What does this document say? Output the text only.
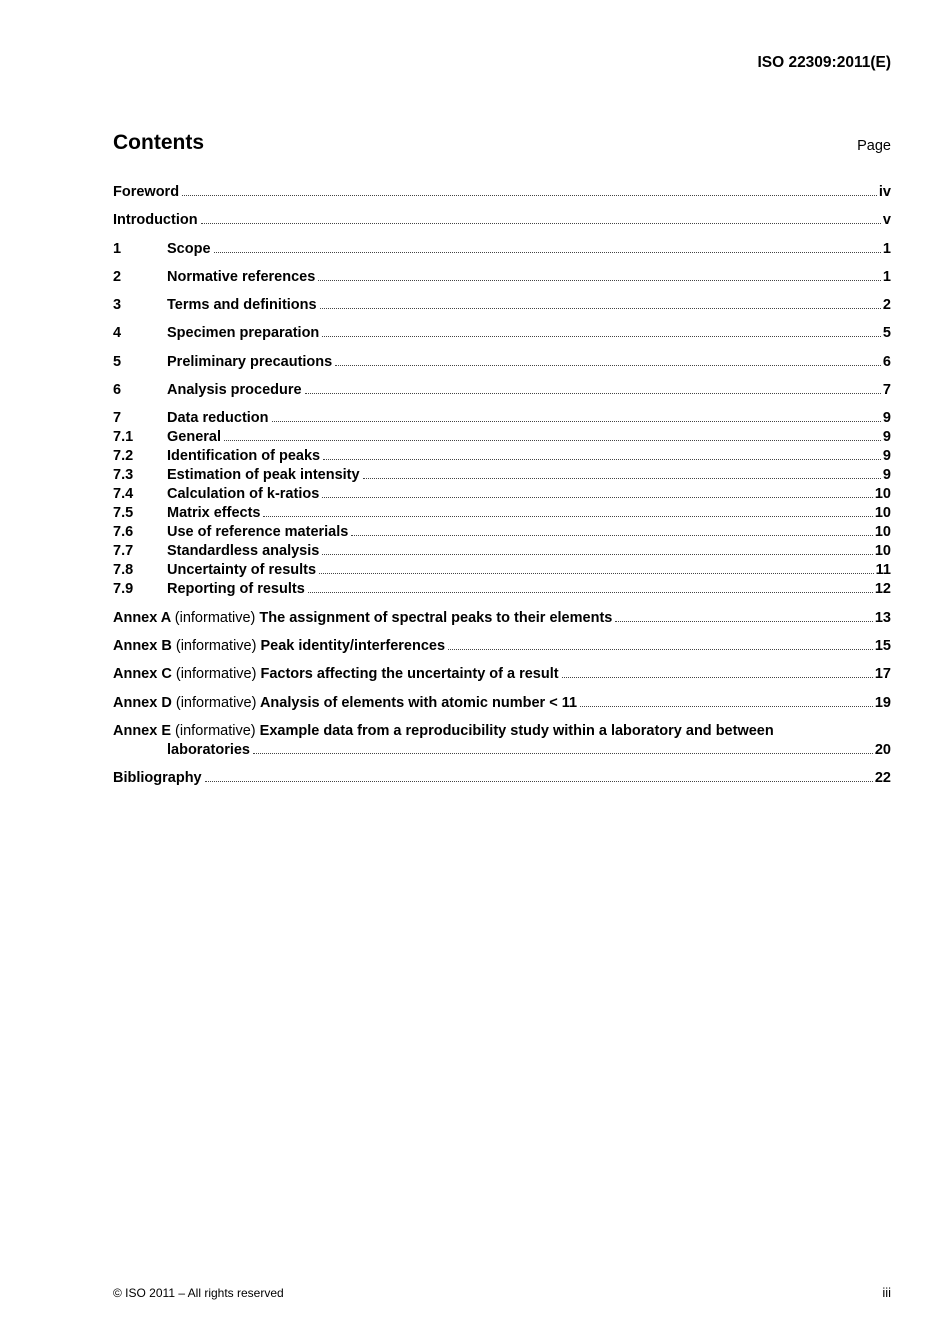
ISO 22309:2011(E)
Contents	Page
Foreword	iv
Introduction	v
1	Scope	1
2	Normative references	1
3	Terms and definitions	2
4	Specimen preparation	5
5	Preliminary precautions	6
6	Analysis procedure	7
7	Data reduction	9
7.1	General	9
7.2	Identification of peaks	9
7.3	Estimation of peak intensity	9
7.4	Calculation of k-ratios	10
7.5	Matrix effects	10
7.6	Use of reference materials	10
7.7	Standardless analysis	10
7.8	Uncertainty of results	11
7.9	Reporting of results	12
Annex A (informative) The assignment of spectral peaks to their elements	13
Annex B (informative) Peak identity/interferences	15
Annex C (informative) Factors affecting the uncertainty of a result	17
Annex D (informative) Analysis of elements with atomic number < 11	19
Annex E (informative) Example data from a reproducibility study within a laboratory and between
laboratories	20
Bibliography	22
© ISO 2011 – All rights reserved	iii
